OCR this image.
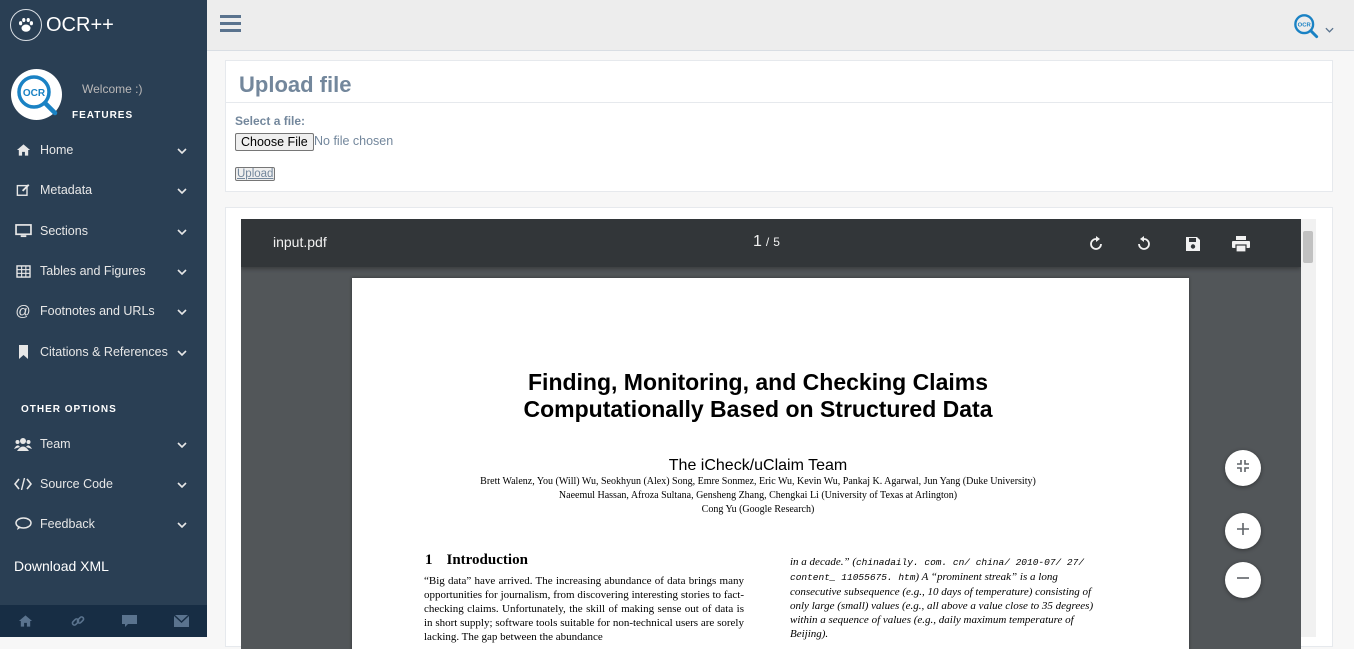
OCR++
OCR	Welcome :)
FEATURES
Home
Metadata
Sections
Tables and Figures
@ Footnotes and URLs
Citations & References
OTHER OPTIONS
Team
Source Code
Feedback
Download XML
OCR
Upload file
Select a file:
Choose File No file chosen
Upload
Finding, Monitoring, and Checking Claims
Computationally Based on Structured Data
The iCheck/uClaim Team
Brett Walenz, You (Will) Wu, Seokhyun (Alex) Song, Emre Sonmez, Eric Wu, Kevin Wu, Pankaj K. Agarwal, Jun Yang (Duke University)
Naeemul Hassan, Afroza Sultana, Gensheng Zhang, Chengkai Li (University of Texas at Arlington)
Cong Yu (Google Research)
1 Introduction
“Big data” have arrived. The increasing abundance of data brings many opportunities for journalism, from discovering interesting stories to fact-checking claims. Unfortunately, the skill of making sense out of data is in short supply; software tools suitable for non-technical users are sorely lacking. The gap between the abundance
in a decade.” (chinadaily. com. cn/ china/ 2010-07/ 27/ content_ 11055675. htm) A “prominent streak” is a long consecutive subsequence (e.g., 10 days of temperature) consisting of only large (small) values (e.g., all above a value close to 35 degrees) within a sequence of values (e.g., daily maximum temperature of Beijing).
input.pdf	1 / 5
